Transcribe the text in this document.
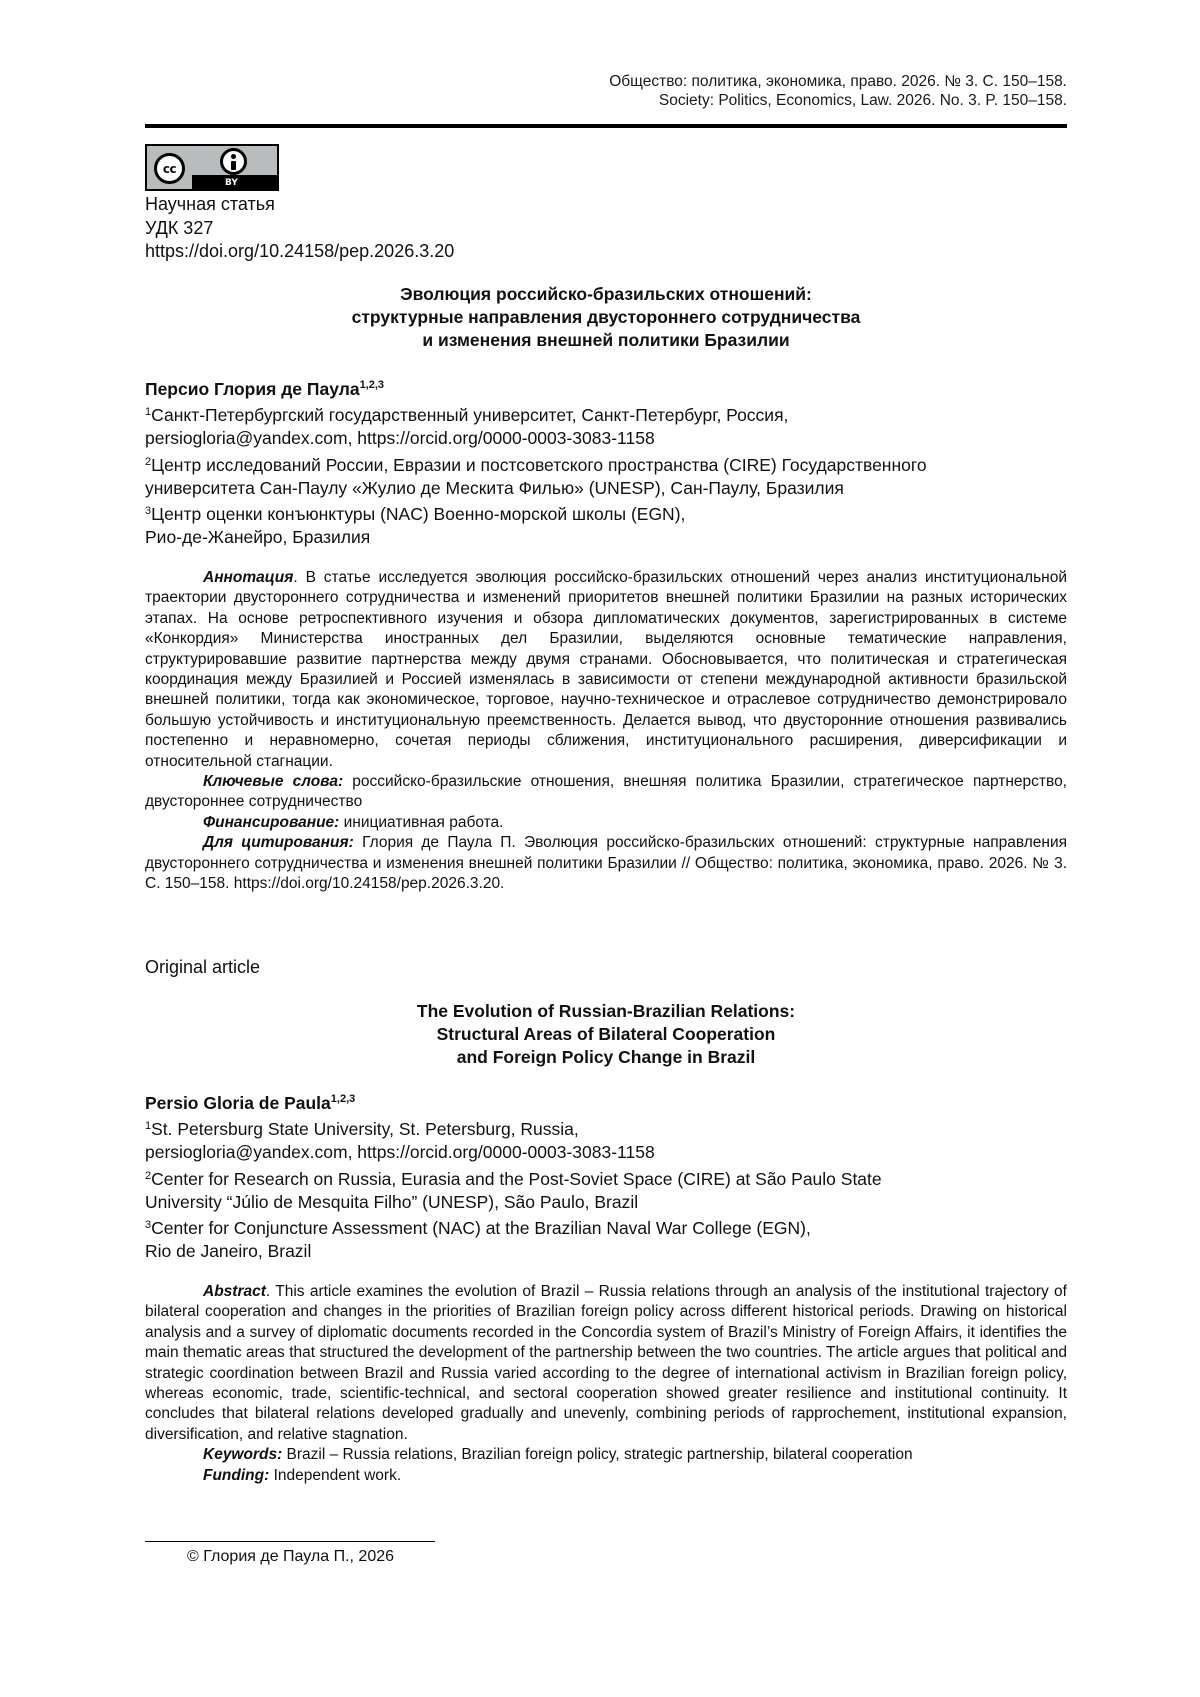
Общество: политика, экономика, право. 2026. № 3. С. 150–158.
Society: Politics, Economics, Law. 2026. No. 3. P. 150–158.
cc
BY
Научная статья
УДК 327
https://doi.org/10.24158/pep.2026.3.20
Эволюция российско-бразильских отношений:
структурные направления двустороннего сотрудничества
и изменения внешней политики Бразилии
Персио Глория де Паула$^{1,2,3}$
$^1$Санкт-Петербургский государственный университет, Санкт-Петербург, Россия,
persiogloria@yandex.com, https://orcid.org/0000-0003-3083-1158
$^2$Центр исследований России, Евразии и постсоветского пространства (CIRE) Государственного
университета Сан-Паулу «Жулио де Мескита Филью» (UNESP), Сан-Паулу, Бразилия
$^3$Центр оценки конъюнктуры (NAC) Военно-морской школы (EGN),
Рио-де-Жанейро, Бразилия

Аннотация. В статье исследуется эволюция российско-бразильских отношений через анализ институциональной траектории двустороннего сотрудничества и изменений приоритетов внешней политики Бразилии на разных исторических этапах. На основе ретроспективного изучения и обзора дипломатических документов, зарегистрированных в системе «Конкордия» Министерства иностранных дел Бразилии, выделяются основные тематические направления, структурировавшие развитие партнерства между двумя странами. Обосновывается, что политическая и стратегическая координация между Бразилией и Россией изменялась в зависимости от степени международной активности бразильской внешней политики, тогда как экономическое, торговое, научно-техническое и отраслевое сотрудничество демонстрировало большую устойчивость и институциональную преемственность. Делается вывод, что двусторонние отношения развивались постепенно и неравномерно, сочетая периоды сближения, институционального расширения, диверсификации и относительной стагнации.

Ключевые слова: российско-бразильские отношения, внешняя политика Бразилии, стратегическое партнерство, двустороннее сотрудничество

Финансирование: инициативная работа.

Для цитирования: Глория де Паула П. Эволюция российско-бразильских отношений: структурные направления двустороннего сотрудничества и изменения внешней политики Бразилии // Общество: политика, экономика, право. 2026. № 3. С. 150–158. https://doi.org/10.24158/pep.2026.3.20.

Original article
The Evolution of Russian-Brazilian Relations:
Structural Areas of Bilateral Cooperation
and Foreign Policy Change in Brazil
Persio Gloria de Paula$^{1,2,3}$
$^1$St. Petersburg State University, St. Petersburg, Russia,
persiogloria@yandex.com, https://orcid.org/0000-0003-3083-1158
$^2$Center for Research on Russia, Eurasia and the Post-Soviet Space (CIRE) at São Paulo State
University “Júlio de Mesquita Filho” (UNESP), São Paulo, Brazil
$^3$Center for Conjuncture Assessment (NAC) at the Brazilian Naval War College (EGN),
Rio de Janeiro, Brazil

Abstract. This article examines the evolution of Brazil – Russia relations through an analysis of the institutional trajectory of bilateral cooperation and changes in the priorities of Brazilian foreign policy across different historical periods. Drawing on historical analysis and a survey of diplomatic documents recorded in the Concordia system of Brazil’s Ministry of Foreign Affairs, it identifies the main thematic areas that structured the development of the partnership between the two countries. The article argues that political and strategic coordination between Brazil and Russia varied according to the degree of international activism in Brazilian foreign policy, whereas economic, trade, scientific-technical, and sectoral cooperation showed greater resilience and institutional continuity. It concludes that bilateral relations developed gradually and unevenly, combining periods of rapprochement, institutional expansion, diversification, and relative stagnation.

Keywords: Brazil – Russia relations, Brazilian foreign policy, strategic partnership, bilateral cooperation

Funding: Independent work.

© Глория де Паула П., 2026
